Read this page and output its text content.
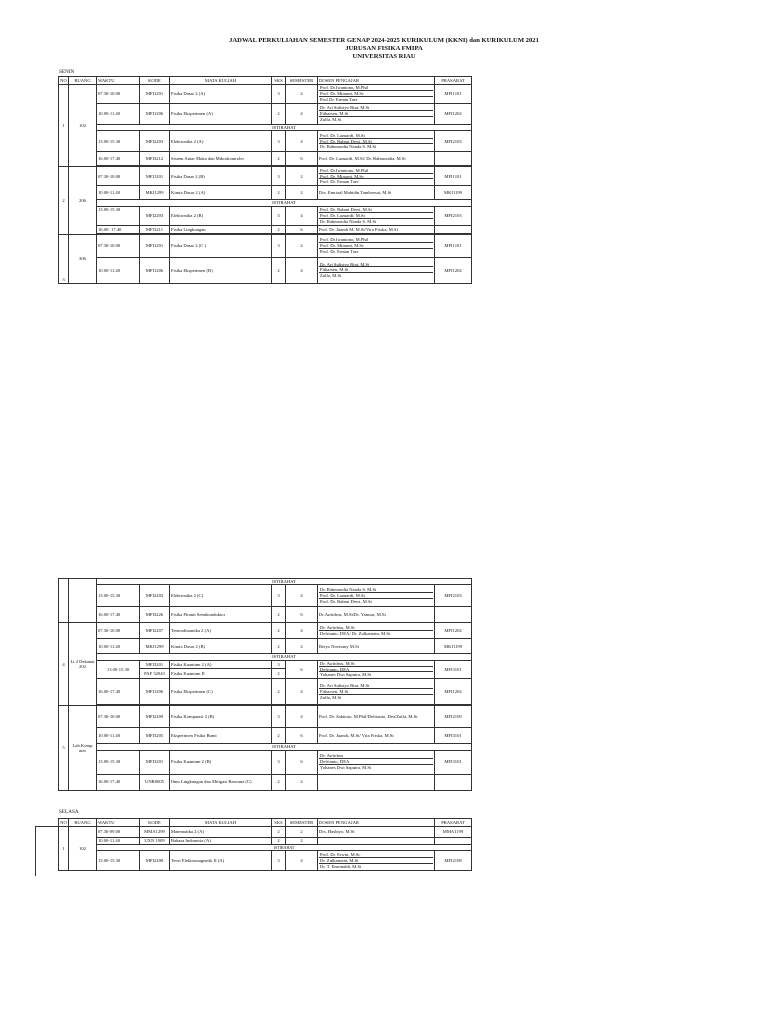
JADWAL PERKULIAHAN SEMESTER GENAP 2024-2025 KURIKULUM (KKNI) dan KURIKULUM 2021
JURUSAN FISIKA FMIPA
UNIVERSITAS RIAU
SENIN
NO	RUANG	WAKTU	KODE	MATA KULIAH	SKS	SEMESTER	DOSEN PENGAJAR	PRASARAT
1	102	07.30-10.00	MFI1201	Fisika Dasar 2 (A)	3	2	Prof. Dr.Iwantono, M.Phil
Prof. Dr. Minarni, M.Sc
Prof Dr. Erman Taer	MFI1101
		10.00-11.40	MFI1206	Fisika Eksperimen (A)	2	4	Dr. Ari Sulistyo Rini, M.Si
Fitharsen, M.Si
Zulfa, M.Si	MFI1202
		ISTIRAHAT						
		13.00-15.30	MFI2203	Elektronika 2 (A)	3	4	Prof. Dr. Lazuardi, M.Si
Prof. Dr. Rahmi Dewi, M.Si
Dr. Rahmondia Nanda S. M.Si	MFI2103
		16.00-17.40	MFI3212	Sistem Antar Muka dan Mikrokontroler	2	6	Prof. Dr. Lazuardi, M.Si/ Dr. Rahmondia, M.Si	

2	206	07.30-10.00	MFI1201	Fisika Dasar 2 (B)	3	2	Prof. Dr.Iwantono, M.Phil
Prof. Dr. Minarni, M.Sc
Prof. Dr. Erman Taer	MFI1101
		10.00-11.40	MKI1299	Kimia Dasar 2 (A)	2	2	Drs. Emrizal Mahidin Tamboesai, M.Si	MKI1199
		ISTIRAHAT						
		13.00-15.30	MFI2203	Elektronika 2 (B)	3	4	Prof. Dr. Rahmi Dewi, M.Si
Prof. Dr. Lazuardi, M.Si
Dr. Rahmondia Nanda S. M.Si	MFI2103
		16.00- 17.40	MFI3211	Fisika Lingkungan	2	6	Prof. Dr. Juandi M, M.Si/Vira Friska, M.Si	

3	306	07.30-10.00	MFI1201	Fisika Dasar 2 (C )	3	2	Prof. Dr.Iwantono, M.Phil
Prof. Dr. Minarni, M.Sc
Prof. Dr. Erman Taer	MFI1101
		10.00-11.40	MFI1206	Fisika Eksperimen (B)	2	4	Dr. Ari Sulistyo Rini, M.Si
Fitharsen, M.Si
Zulfa, M.Si	MFI1202
		ISTIRAHAT						
		13.00-15.30	MFI2203	Elektronika 2 (C)	3	4	Dr. Rahmondia Nanda S. M.Si
Prof. Dr. Lazuardi, M.Si
Prof. Dr. Rahmi Dewi, M.Si	MFI2103
		16.00-17.40	MFI3226	Fisika Piranti Semikonduktor	2	6	Dr.Awitdrus, M.Si/Dr. Yamsar, M.Si	
4	Lt 2 Dekanat 202	07.30-10.00	MFI2207	Termodinamika 2 (A)	2	4	Dr. Awitdrus, M.Si
Defrianto, DEA/ Dr. Zulkarnain, M.Si	MFI1202
		10.00-11.40	MKI1299	Kimia Dasar 2 (B)	2	2	Rieyo Novisany M.Si	MKI1199
		ISTIRAHAT						
		13.00-15.30	MFI3201	Fisika Kuantum 2 (A)	3	6	Dr. Awitdrus, M.Si
Defrianto, DEA
Yohanes Dwi Saputra, M.Si	MFI3101
			PAF 32043	Fisika Kuantum II	2			
		16.00-17.40	MFI1206	Fisika Eksperimen (C)	2	4	Dr. Ari Sulistyo Rini, M.Si
Fitharsen, M.Si
Zulfa, M.Si	MFI1202

5	Lab.Komp uter	07.30-10.00	MFI2209	Fisika Komputasi 2 (B)	3	4	Prof. Dr. Saktioto, M.Phil/Defrianto, Dea/Zulfa, M.Si	MFI2109
		10.00-11.40	MFI3205	Eksperimen Fisika Bumi	2	6	Prof. Dr. Juandi, M.Si/ Vira Friska, M.Si	MFI3101
		ISTIRAHAT						
		13.00-15.30	MFI3201	Fisika Kuantum 2 (B)	3	6	Dr. Awitdrus
Defrianto, DEA
Yohanes Dwi Saputra, M.Si	MFI3101
		16.00-17.40	UNR0005	Ilmu Lingkungan dan Mitigasi Bencana (C)	2	2		

SELASA
NO	RUANG	WAKTU	KODE	MATA KULIAH	SKS	SEMESTER	DOSEN PENGAJAR	PRASARAT
1	102	07.30-09.00	MMA1299	Matematika 2 (A)	2	2	Drs. Hasbiyo, M.Si	MMA1199
		10.00-11.40	UXN 1009	Bahasa Indonesia (A)	2	2		
		ISTIRAHAT						
		13.00-15.30	MFI2208	Teori Elektromagnetik II (A)	3	4	Prof. Dr. Erwin, M.Sc
Dr. Zulkarnain, M.Si
Dr. T. Emrinaldi, M.Si	MFI2108
